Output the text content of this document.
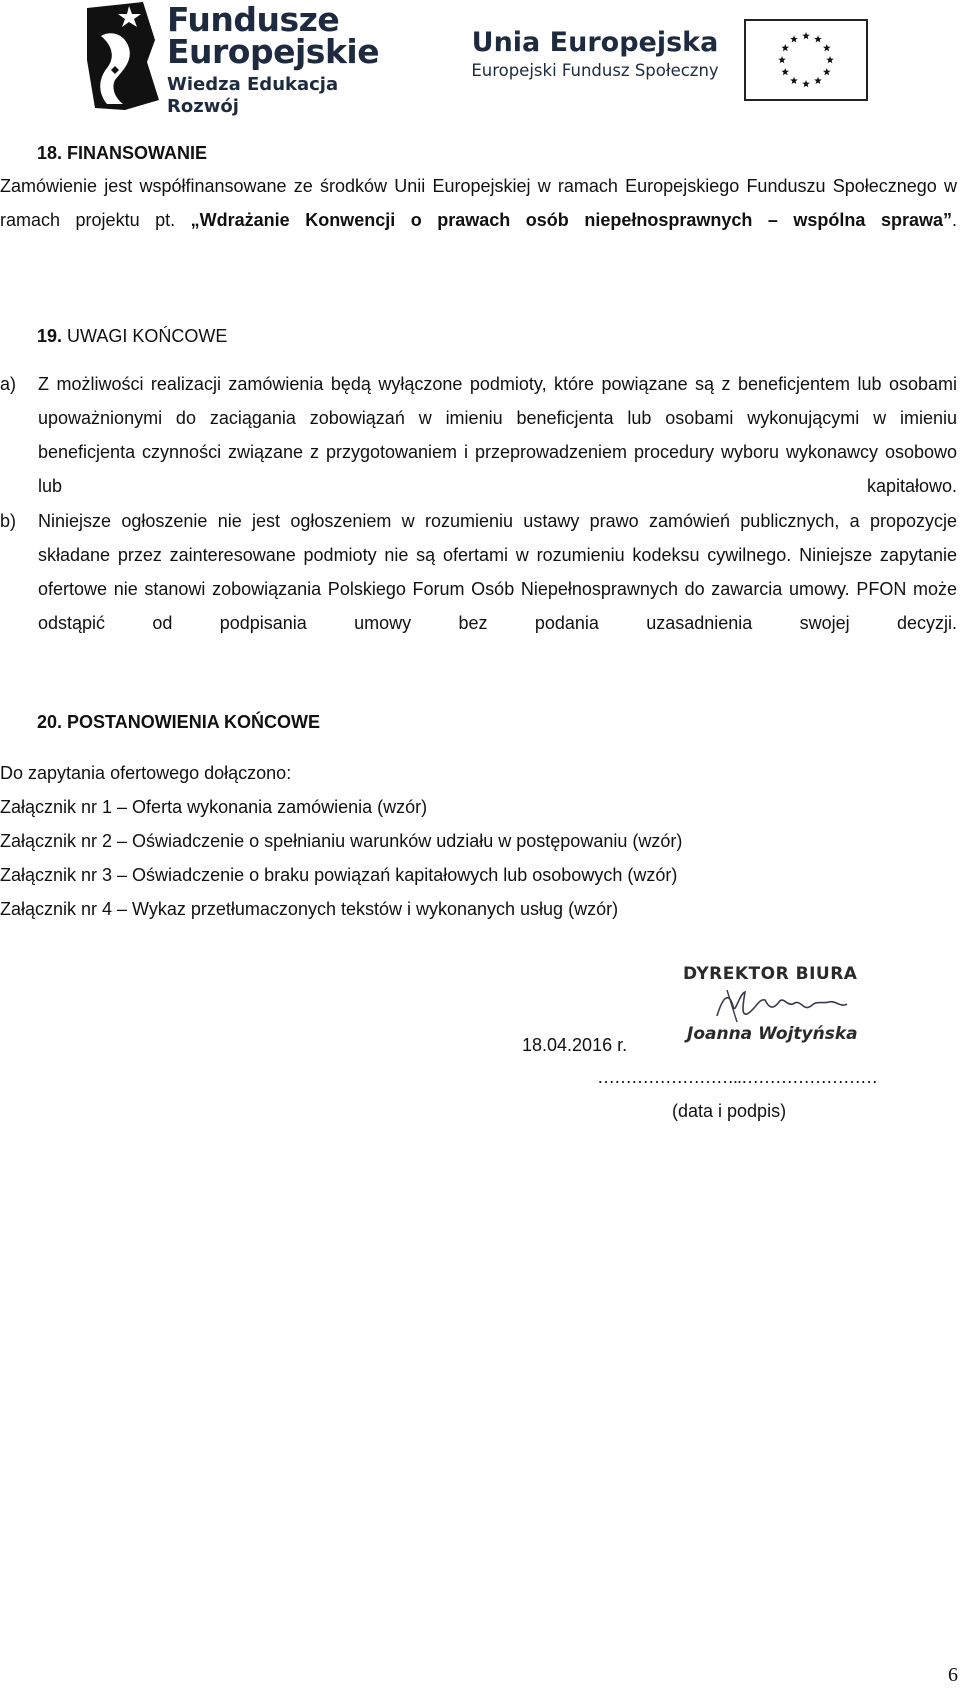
Fundusze
Europejskie
Wiedza Edukacja Rozwój
Unia Europejska
Europejski Fundusz Społeczny
18. FINANSOWANIE
Zamówienie jest współfinansowane ze środków Unii Europejskiej w ramach Europejskiego Funduszu Społecznego w ramach projektu pt. „Wdrażanie Konwencji o prawach osób niepełnosprawnych – wspólna sprawa”.
19. UWAGI KOŃCOWE
a) Z możliwości realizacji zamówienia będą wyłączone podmioty, które powiązane są z beneficjentem lub osobami upoważnionymi do zaciągania zobowiązań w imieniu beneficjenta lub osobami wykonującymi w imieniu beneficjenta czynności związane z przygotowaniem i przeprowadzeniem procedury wyboru wykonawcy osobowo lub kapitałowo.
b) Niniejsze ogłoszenie nie jest ogłoszeniem w rozumieniu ustawy prawo zamówień publicznych, a propozycje składane przez zainteresowane podmioty nie są ofertami w rozumieniu kodeksu cywilnego. Niniejsze zapytanie ofertowe nie stanowi zobowiązania Polskiego Forum Osób Niepełnosprawnych do zawarcia umowy. PFON może odstąpić od podpisania umowy bez podania uzasadnienia swojej decyzji.
20. POSTANOWIENIA KOŃCOWE
Do zapytania ofertowego dołączono:
Załącznik nr 1 – Oferta wykonania zamówienia (wzór)
Załącznik nr 2 – Oświadczenie o spełnianiu warunków udziału w postępowaniu (wzór)
Załącznik nr 3 – Oświadczenie o braku powiązań kapitałowych lub osobowych (wzór)
Załącznik nr 4 – Wykaz przetłumaczonych tekstów i wykonanych usług (wzór)
DYREKTOR BIURA
Joanna Wojtyńska
18.04.2016 r.
……………………..……………………
(data i podpis)
6
